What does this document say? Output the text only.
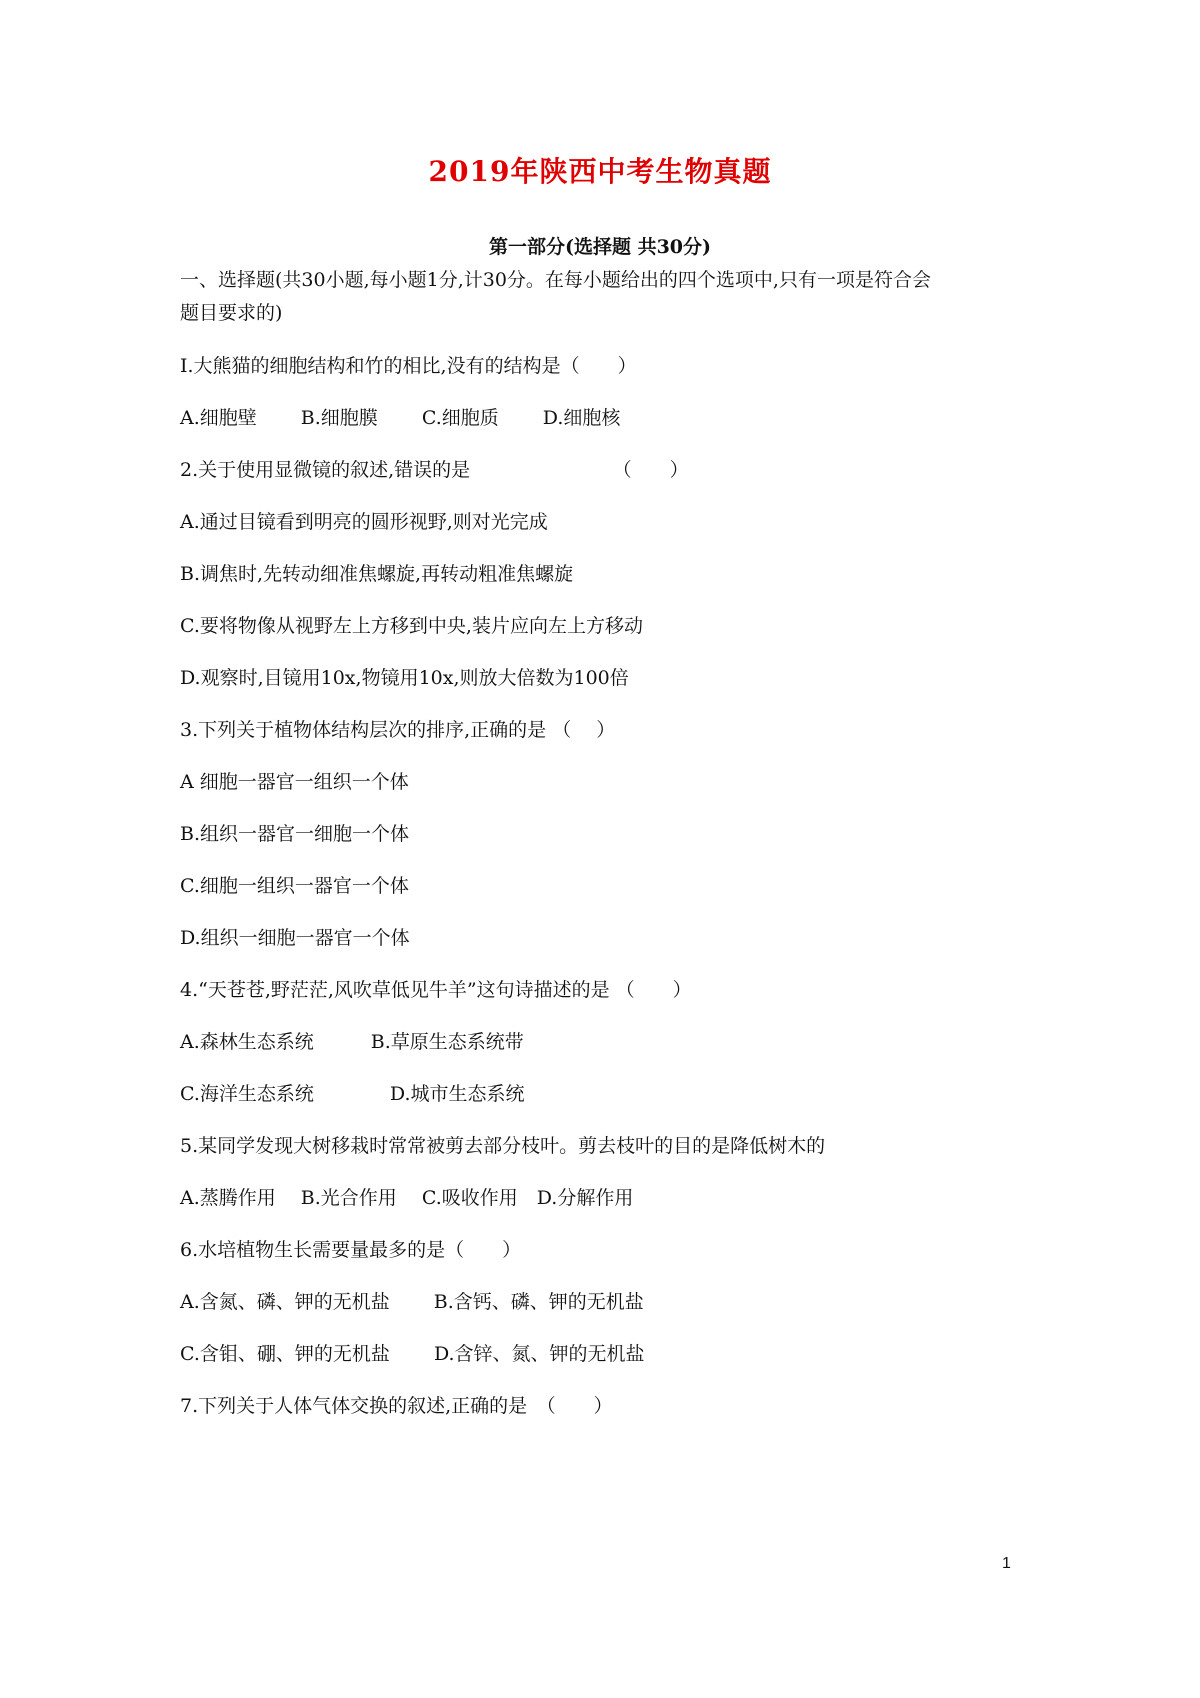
2019年陕西中考生物真题
第一部分(选择题 共30分)
一、选择题(共30小题,每小题1分,计30分。在每小题给出的四个选项中,只有一项是符合会
题目要求的)
I.大熊猫的细胞结构和竹的相比,没有的结构是（　　）
A.细胞壁　　 B.细胞膜　　 C.细胞质　　 D.细胞核
2.关于使用显微镜的叙述,错误的是　　　　　　　　（　　）
A.通过目镜看到明亮的圆形视野,则对光完成
B.调焦时,先转动细准焦螺旋,再转动粗准焦螺旋
C.要将物像从视野左上方移到中央,装片应向左上方移动
D.观察时,目镜用10x,物镜用10x,则放大倍数为100倍
3.下列关于植物体结构层次的排序,正确的是 （　 ）
A 细胞一器官一组织一个体
B.组织一器官一细胞一个体
C.细胞一组织一器官一个体
D.组织一细胞一器官一个体
4.“天苍苍,野茫茫,风吹草低见牛羊”这句诗描述的是 （　　）
A.森林生态系统　　　B.草原生态系统带
C.海洋生态系统　　　　D.城市生态系统
5.某同学发现大树移栽时常常被剪去部分枝叶。剪去枝叶的目的是降低树木的
A.蒸腾作用　 B.光合作用　 C.吸收作用　D.分解作用
6.水培植物生长需要量最多的是（　　）
A.含氮、磷、钾的无机盐　　 B.含钙、磷、钾的无机盐
C.含钼、硼、钾的无机盐　　 D.含锌、氮、钾的无机盐
7.下列关于人体气体交换的叙述,正确的是　（　　）
1
